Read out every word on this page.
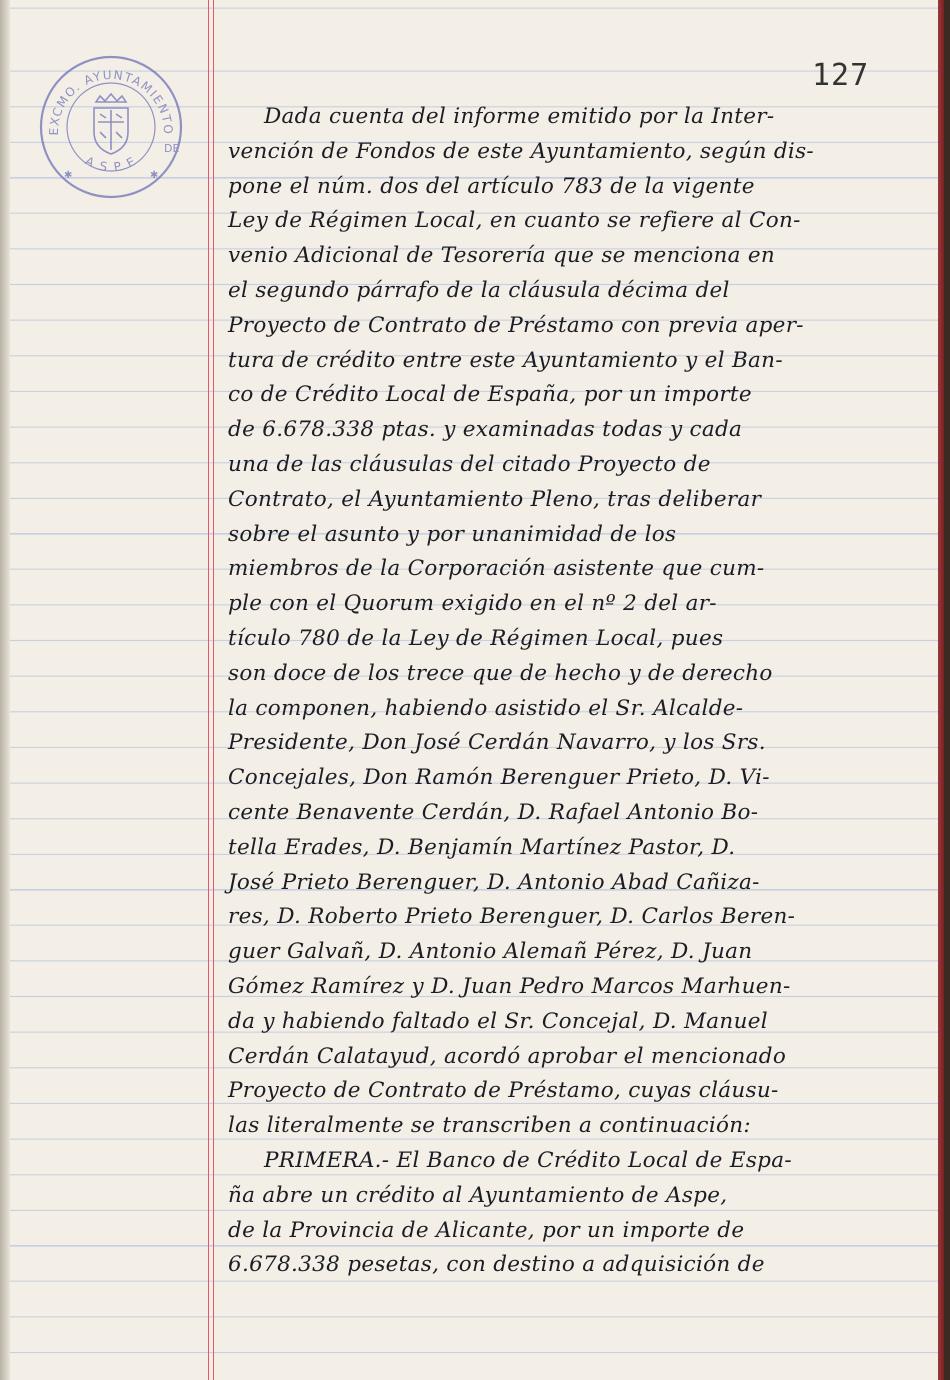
EXCMO. AYUNTAMIENTO
A S P E
DE
✱	✱
127
Dada cuenta del informe emitido por la Inter-
vención de Fondos de este Ayuntamiento, según dis-
pone el núm. dos del artículo 783 de la vigente
Ley de Régimen Local, en cuanto se refiere al Con-
venio Adicional de Tesorería que se menciona en
el segundo párrafo de la cláusula décima del
Proyecto de Contrato de Préstamo con previa aper-
tura de crédito entre este Ayuntamiento y el Ban-
co de Crédito Local de España, por un importe
de 6.678.338 ptas. y examinadas todas y cada
una de las cláusulas del citado Proyecto de
Contrato, el Ayuntamiento Pleno, tras deliberar
sobre el asunto y por unanimidad de los
miembros de la Corporación asistente que cum-
ple con el Quorum exigido en el nº 2 del ar-
tículo 780 de la Ley de Régimen Local, pues
son doce de los trece que de hecho y de derecho
la componen, habiendo asistido el Sr. Alcalde-
Presidente, Don José Cerdán Navarro, y los Srs.
Concejales, Don Ramón Berenguer Prieto, D. Vi-
cente Benavente Cerdán, D. Rafael Antonio Bo-
tella Erades, D. Benjamín Martínez Pastor, D.
José Prieto Berenguer, D. Antonio Abad Cañiza-
res, D. Roberto Prieto Berenguer, D. Carlos Beren-
guer Galvañ, D. Antonio Alemañ Pérez, D. Juan
Gómez Ramírez y D. Juan Pedro Marcos Marhuen-
da y habiendo faltado el Sr. Concejal, D. Manuel
Cerdán Calatayud, acordó aprobar el mencionado
Proyecto de Contrato de Préstamo, cuyas cláusu-
las literalmente se transcriben a continuación:
PRIMERA.- El Banco de Crédito Local de Espa-
ña abre un crédito al Ayuntamiento de Aspe,
de la Provincia de Alicante, por un importe de
6.678.338 pesetas, con destino a adquisición de
